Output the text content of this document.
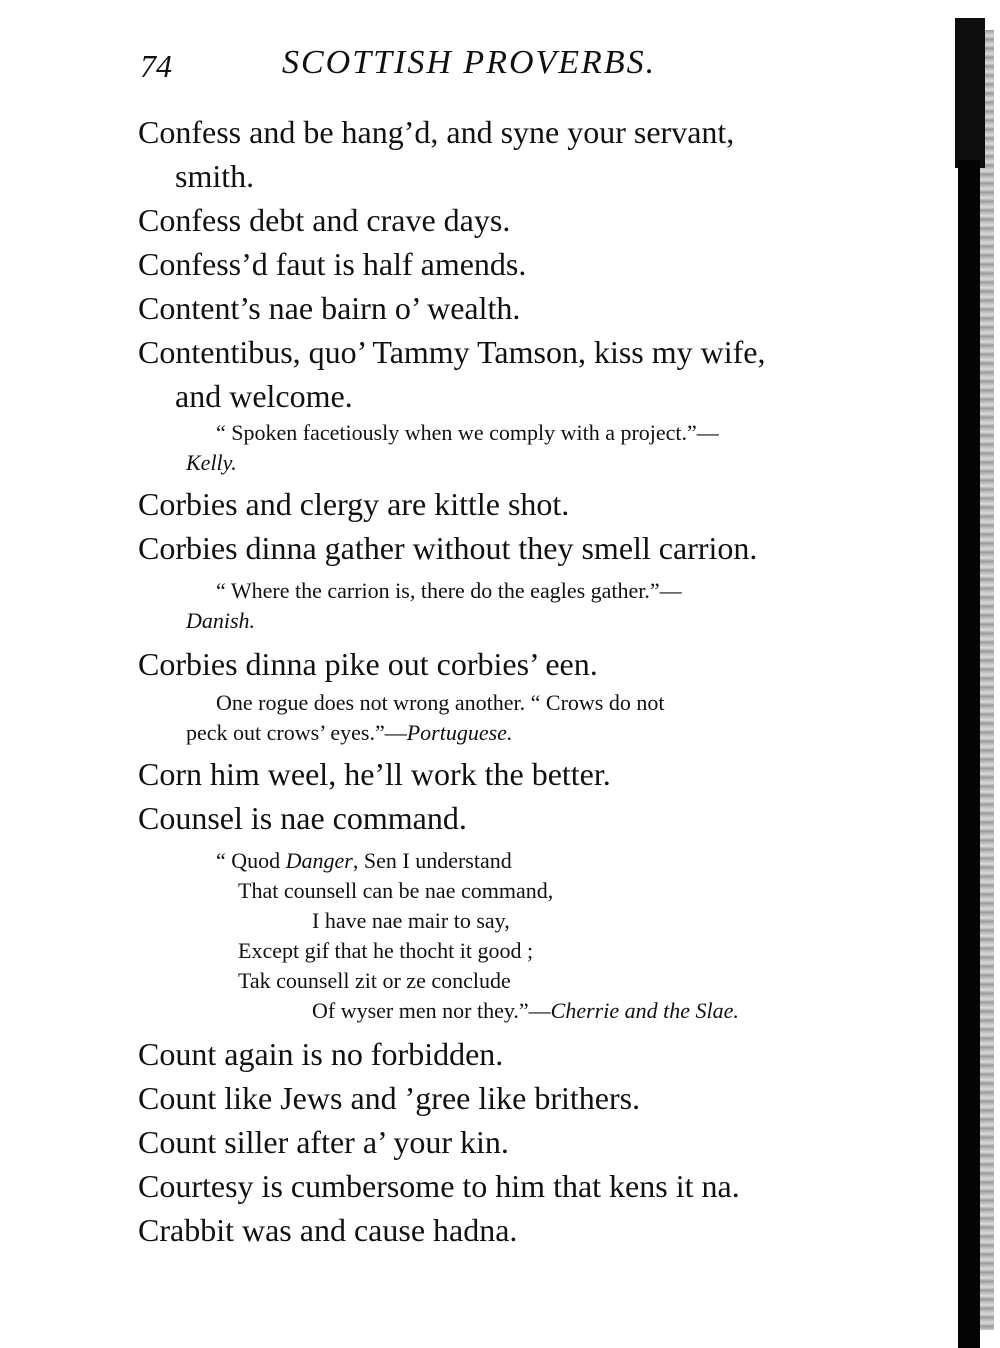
74	SCOTTISH PROVERBS.
Confess and be hang’d, and syne your servant,
smith.
Confess debt and crave days.
Confess’d faut is half amends.
Content’s nae bairn o’ wealth.
Contentibus, quo’ Tammy Tamson, kiss my wife,
and welcome.
“ Spoken facetiously when we comply with a project.”—
Kelly.
Corbies and clergy are kittle shot.
Corbies dinna gather without they smell carrion.
“ Where the carrion is, there do the eagles gather.”—
Danish.
Corbies dinna pike out corbies’ een.
One rogue does not wrong another. “ Crows do not
peck out crows’ eyes.”—Portuguese.
Corn him weel, he’ll work the better.
Counsel is nae command.
“ Quod Danger, Sen I understand
That counsell can be nae command,
I have nae mair to say,
Except gif that he thocht it good ;
Tak counsell zit or ze conclude
Of wyser men nor they.”—Cherrie and the Slae.
Count again is no forbidden.
Count like Jews and ’gree like brithers.
Count siller after a’ your kin.
Courtesy is cumbersome to him that kens it na.
Crabbit was and cause hadna.
